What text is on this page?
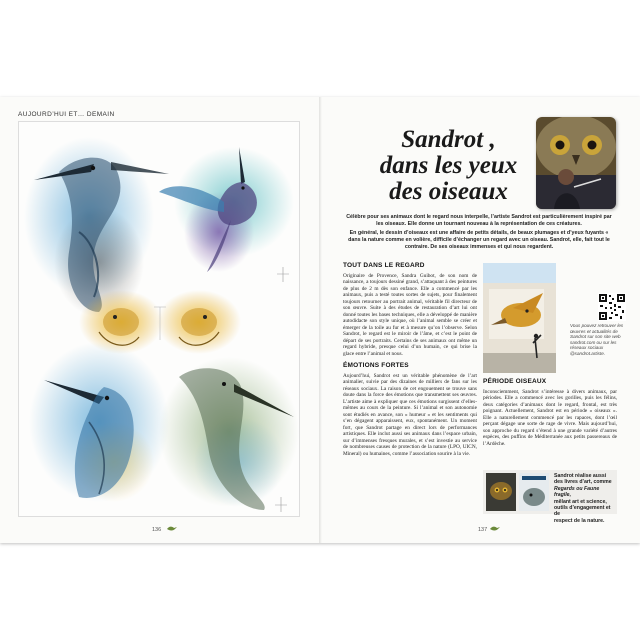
AUJOURD’HUI ET… DEMAIN
136
Sandrot ,
dans les yeux
des oiseaux

Célèbre pour ses animaux dont le regard nous interpelle, l’artiste Sandrot est particulièrement inspiré par les oiseaux. Elle donne un tournant nouveau à la représentation de ces créatures.

En général, le dessin d’oiseaux est une affaire de petits détails, de beaux plumages et d’yeux fuyants « dans la nature comme en volière, difficile d’échanger un regard avec un oiseau. Sandrot, elle, fait tout le contraire. De ses oiseaux immenses et qui nous regardent.

TOUT DANS LE REGARD

Originaire de Provence, Sandra Guibot, de son nom de naissance, a toujours dessiné grand, s’attaquant à des peintures de plus de 2 m dès son enfance. Elle a commencé par les animaux, puis a testé toutes sortes de sujets, pour finalement toujours retourner au portrait animal, véritable fil directeur de son œuvre. Suite à des études de restauration d’art lui ont donné toutes les bases techniques, elle a développé de manière autodidacte son style unique, où l’animal semble se créer et émerger de la toile au fur et à mesure qu’on l’observe. Selon Sandrot, le regard est le miroir de l’âme, et c’est le point de départ de ses portraits. Certains de ses animaux ont même un regard hybride, presque celui d’un humain, ce qui brise la glace entre l’animal et nous.

ÉMOTIONS FORTES

Aujourd’hui, Sandrot est un véritable phénomène de l’art animalier, suivie par des dizaines de milliers de fans sur les réseaux sociaux. La raison de cet engouement se trouve sans doute dans la force des émotions que transmettent ses œuvres. L’artiste aime à expliquer que ces émotions surgissent d’elles-mêmes au cours de la peinture. Si l’animal et son autonomie sont étudiés en avance, son « humeur » et les sentiments qui s’en dégagent apparaissent, eux, spontanément. Un moment fort, que Sandrot partage en direct lors de performances artistiques. Elle inclut aussi ses animaux dans l’espace urbain, sur d’immenses fresques murales, et s’est investie au service de nombreuses causes de protection de la nature (LPO, UICN, Mineral) ou humaines, comme l’association sourire à la vie.

Vous pouvez retrouver les œuvres et actualités de Sandrot sur son site web sandrot.com ou sur les réseaux sociaux @sandrot.artiste.
PÉRIODE OISEAUX

Inconsciemment, Sandrot s’intéresse à divers animaux, par périodes. Elle a commencé avec les gorilles, puis les félins, deux catégories d’animaux dont le regard, frontal, est très poignant. Actuellement, Sandrot est en période « oiseaux ». Elle a naturellement commencé par les rapaces, dont l’œil perçant dégage une sorte de rage de vivre. Mais aujourd’hui, son approche du regard s’étend à une grande variété d’autres espèces, des puffins de Méditerranée aux petits passereaux de l’Ardèche.

Sandrot réalise aussi
des livres d’art, comme
Regards ou Faune fragile,
mêlant art et science,
outils d’engagement et de
respect de la nature.
137
